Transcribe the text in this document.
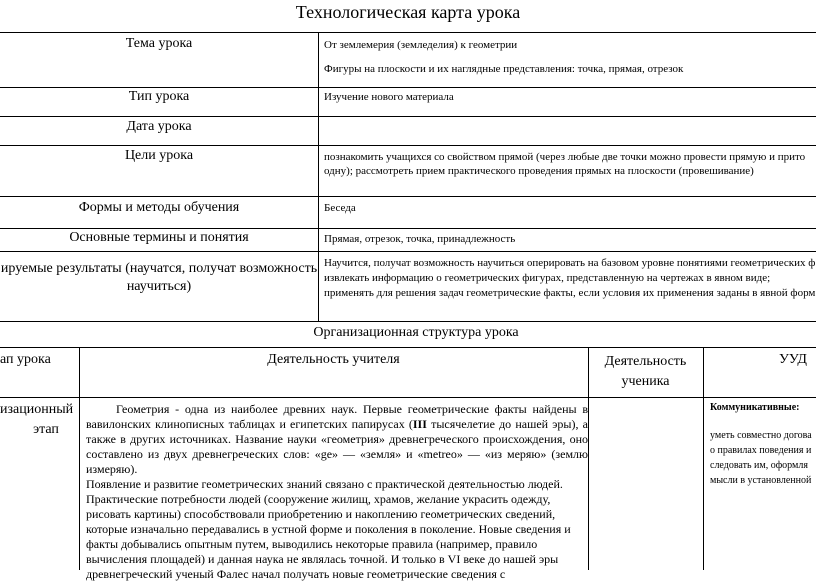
Технологическая карта урока
Тема урока
Тип урока
Дата урока
Цели урока
Формы и методы обучения
Основные термины и понятия
ируемые результаты (научатся, получат возможность
научиться)
От землемерия (земледелия) к геометрии
Фигуры на плоскости и их наглядные представления: точка, прямая, отрезок
Изучение нового материала
познакомить учащихся со свойством прямой (через любые две точки можно провести прямую и прито
одну); рассмотреть прием практического проведения прямых на плоскости (провешивание)
Беседа
Прямая, отрезок, точка, принадлежность
Научится, получат возможность научиться оперировать на базовом уровне понятиями геометрических ф
извлекать информацию о геометрических фигурах, представленную на чертежах в явном виде;
применять для решения задач геометрические факты, если условия их применения заданы в явной форм
Организационная структура урока
ап урока	Деятельность учителя	Деятельность
ученика
УУД
изационный
этап

Геометрия - одна из наиболее древних наук. Первые геометрические факты найдены в вавилонских клинописных таблицах и египетских папирусах (III тысячелетие до нашей эры), а также в других источниках. Название науки «геометрия» древнегреческого происхождения, оно составлено из двух древнегреческих слов: «ge» — «земля» и «metreo» — «из меряю» (землю измеряю).

Появление и развитие геометрических знаний связано с практической деятельностью людей. Практические потребности людей (сооружение жилищ, храмов, желание украсить одежду, рисовать картины) способствовали приобретению и накоплению геометрических сведений, которые изначально передавались в устной форме и поколения в поколение. Новые сведения и факты добывались опытным путем, выводились некоторые правила (например, правило вычисления площадей) и данная наука не являлась точной. И только в VI веке до нашей эры древнегреческий ученый Фалес начал получать новые геометрические сведения с

Коммуникативные:
уметь совместно догова
о правилах поведения и
следовать им, оформля
мысли в установленной
